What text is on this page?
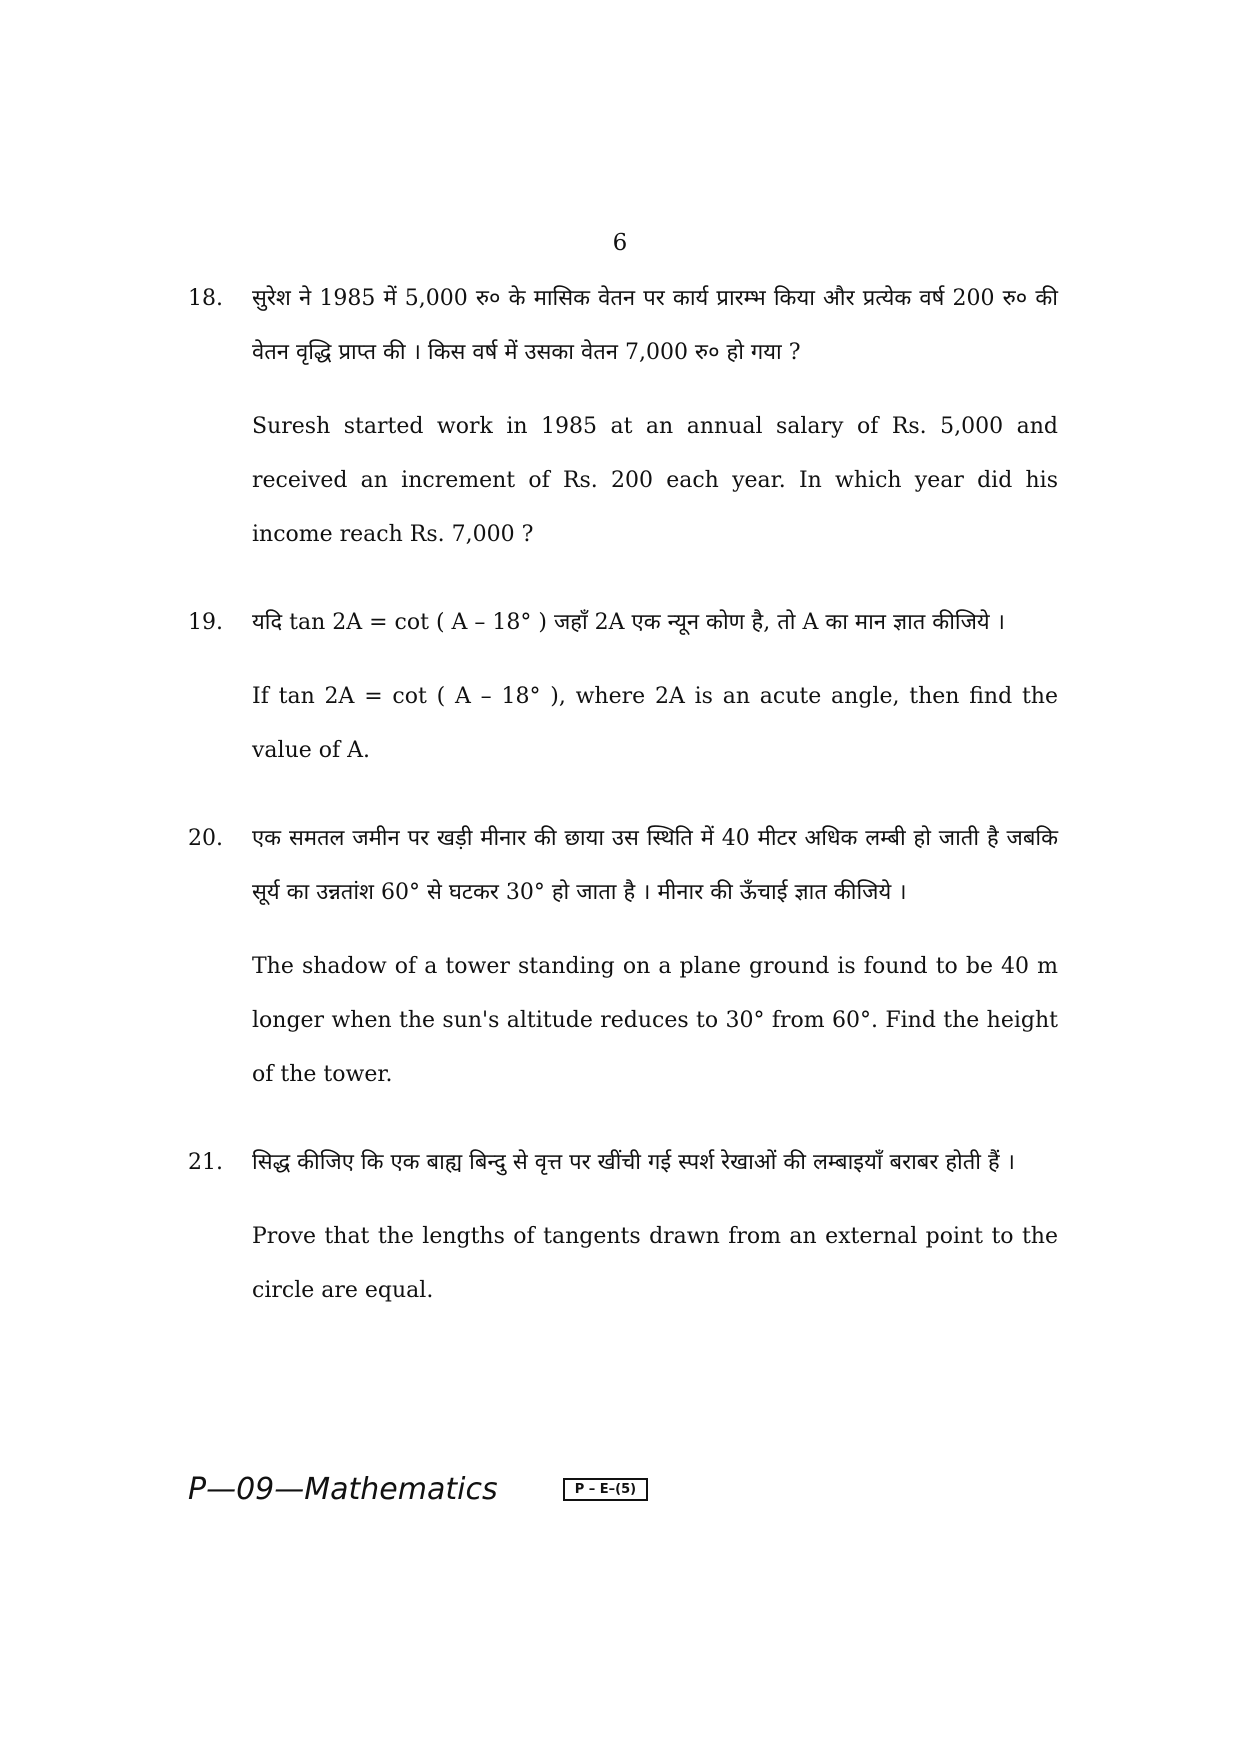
6
18. सुरेश ने 1985 में 5,000 रु० के मासिक वेतन पर कार्य प्रारम्भ किया और प्रत्येक वर्ष 200 रु० की वेतन वृद्धि प्राप्त की । किस वर्ष में उसका वेतन 7,000 रु० हो गया ?

Suresh started work in 1985 at an annual salary of Rs. 5,000 and received an increment of Rs. 200 each year. In which year did his income reach Rs. 7,000 ?

19. यदि tan 2A = cot ( A – 18° ) जहाँ 2A एक न्यून कोण है, तो A का मान ज्ञात कीजिये ।

If tan 2A = cot ( A – 18° ), where 2A is an acute angle, then find the value of A.

20. एक समतल जमीन पर खड़ी मीनार की छाया उस स्थिति में 40 मीटर अधिक लम्बी हो जाती है जबकि सूर्य का उन्नतांश 60° से घटकर 30° हो जाता है । मीनार की ऊँचाई ज्ञात कीजिये ।

The shadow of a tower standing on a plane ground is found to be 40 m longer when the sun's altitude reduces to 30° from 60°. Find the height of the tower.

21. सिद्ध कीजिए कि एक बाह्य बिन्दु से वृत्त पर खींची गई स्पर्श रेखाओं की लम्बाइयाँ बराबर होती हैं ।

Prove that the lengths of tangents drawn from an external point to the circle are equal.

P—09—Mathematics	P – E–(5)
